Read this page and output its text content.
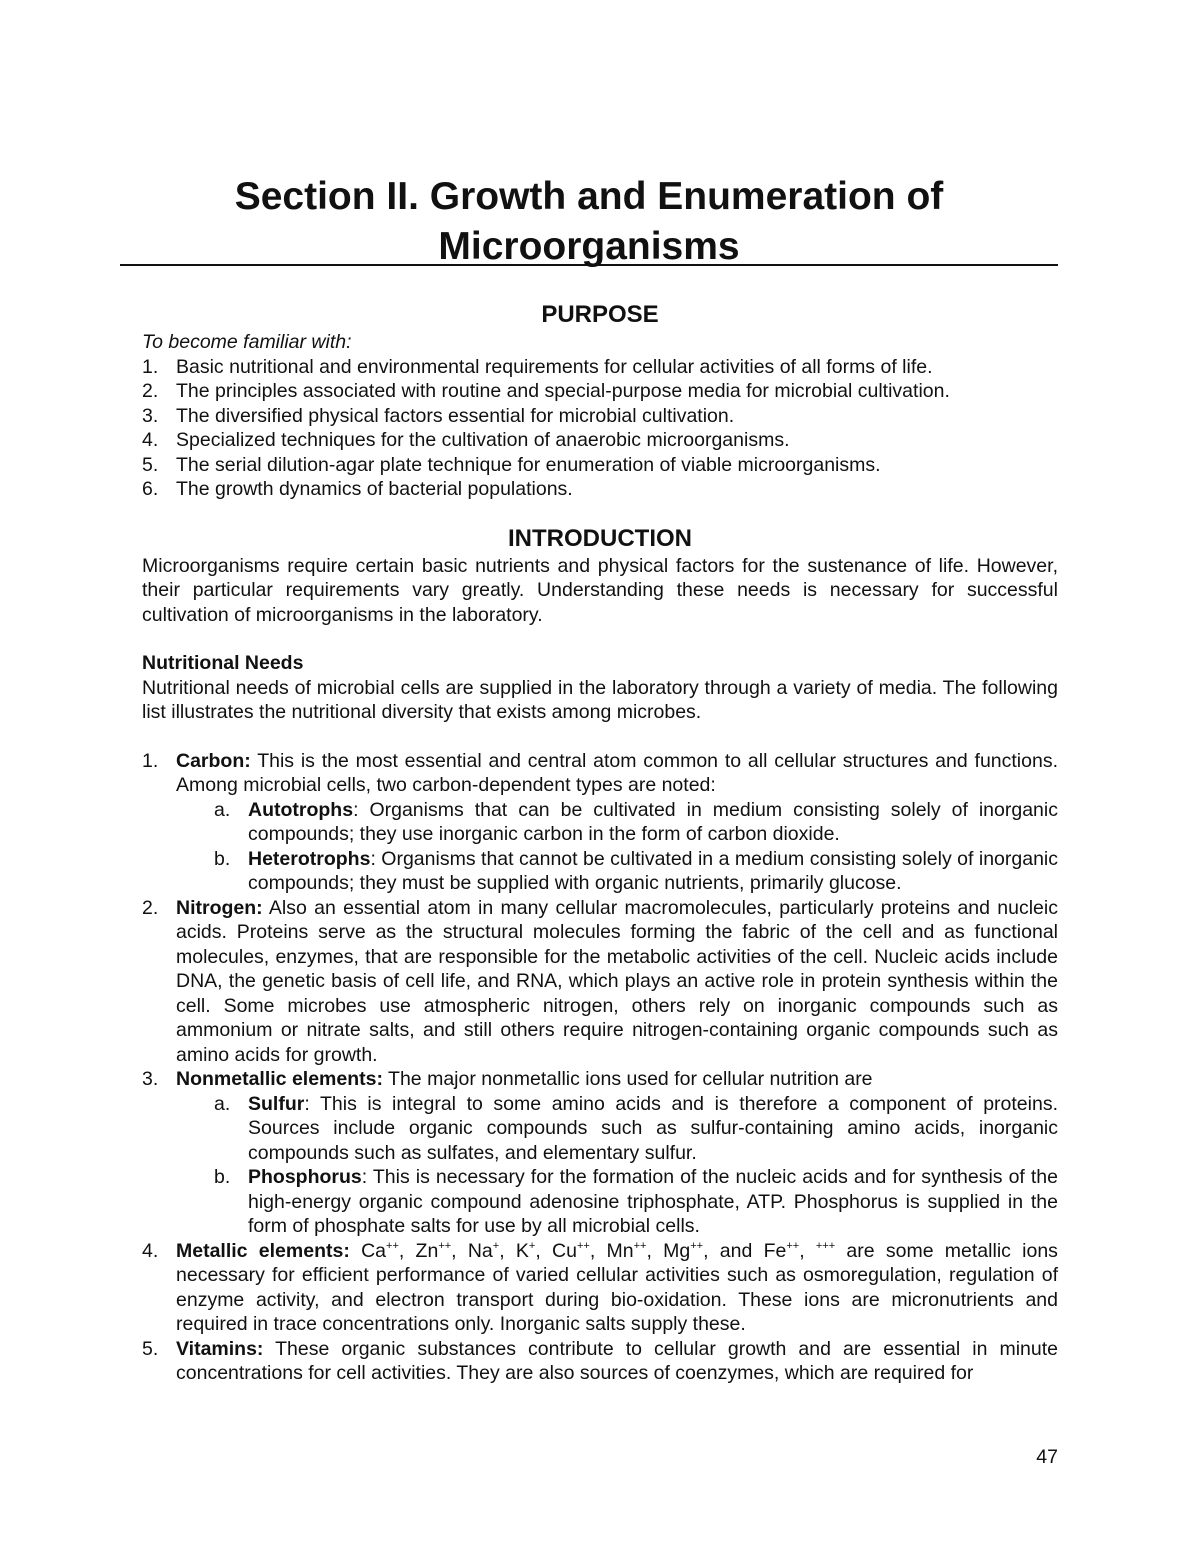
Section II. Growth and Enumeration of
Microorganisms
PURPOSE
To become familiar with:
1. Basic nutritional and environmental requirements for cellular activities of all forms of life.
2. The principles associated with routine and special-purpose media for microbial cultivation.
3. The diversified physical factors essential for microbial cultivation.
4. Specialized techniques for the cultivation of anaerobic microorganisms.
5. The serial dilution-agar plate technique for enumeration of viable microorganisms.
6. The growth dynamics of bacterial populations.
INTRODUCTION

Microorganisms require certain basic nutrients and physical factors for the sustenance of life. However, their particular requirements vary greatly. Understanding these needs is necessary for successful cultivation of microorganisms in the laboratory.

Nutritional Needs

Nutritional needs of microbial cells are supplied in the laboratory through a variety of media. The following list illustrates the nutritional diversity that exists among microbes.

1. Carbon: This is the most essential and central atom common to all cellular structures and functions. Among microbial cells, two carbon-dependent types are noted:
a. Autotrophs: Organisms that can be cultivated in medium consisting solely of inorganic compounds; they use inorganic carbon in the form of carbon dioxide.
b. Heterotrophs: Organisms that cannot be cultivated in a medium consisting solely of inorganic compounds; they must be supplied with organic nutrients, primarily glucose.
2. Nitrogen: Also an essential atom in many cellular macromolecules, particularly proteins and nucleic acids. Proteins serve as the structural molecules forming the fabric of the cell and as functional molecules, enzymes, that are responsible for the metabolic activities of the cell. Nucleic acids include DNA, the genetic basis of cell life, and RNA, which plays an active role in protein synthesis within the cell. Some microbes use atmospheric nitrogen, others rely on inorganic compounds such as ammonium or nitrate salts, and still others require nitrogen-containing organic compounds such as amino acids for growth.
3. Nonmetallic elements: The major nonmetallic ions used for cellular nutrition are
a. Sulfur: This is integral to some amino acids and is therefore a component of proteins. Sources include organic compounds such as sulfur-containing amino acids, inorganic compounds such as sulfates, and elementary sulfur.
b. Phosphorus: This is necessary for the formation of the nucleic acids and for synthesis of the high-energy organic compound adenosine triphosphate, ATP. Phosphorus is supplied in the form of phosphate salts for use by all microbial cells.
4. Metallic elements: Ca++, Zn++, Na+, K+, Cu++, Mn++, Mg++, and Fe++, +++ are some metallic ions necessary for efficient performance of varied cellular activities such as osmoregulation, regulation of enzyme activity, and electron transport during bio-oxidation. These ions are micronutrients and required in trace concentrations only. Inorganic salts supply these.
5. Vitamins: These organic substances contribute to cellular growth and are essential in minute concentrations for cell activities. They are also sources of coenzymes, which are required for
47
